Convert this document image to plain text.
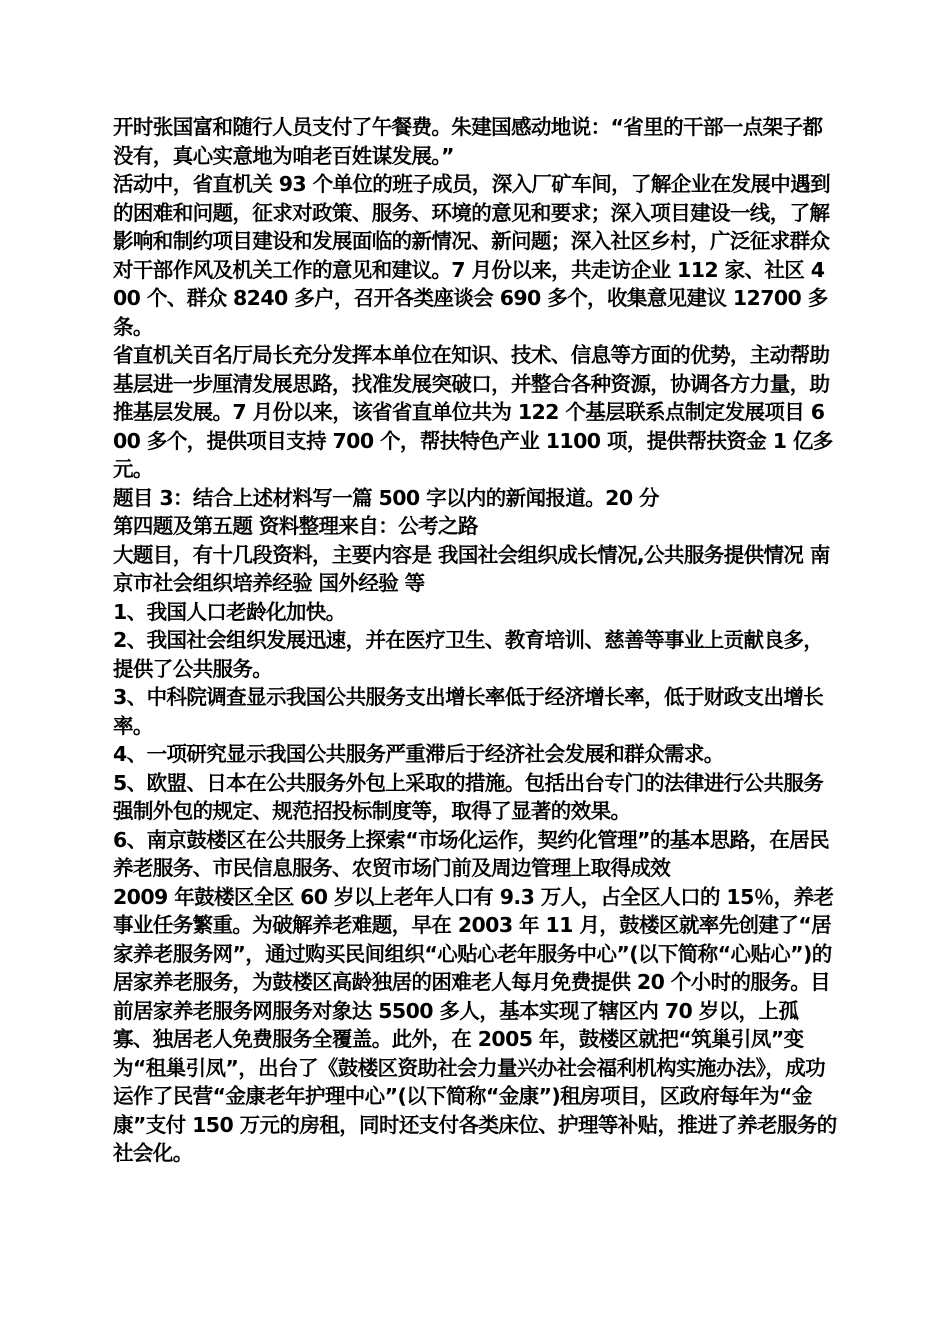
开时张国富和随行人员支付了午餐费。朱建国感动地说：“省里的干部一点架子都没有，真心实意地为咱老百姓谋发展。”

活动中，省直机关 93 个单位的班子成员，深入厂矿车间，了解企业在发展中遇到的困难和问题，征求对政策、服务、环境的意见和要求；深入项目建设一线，了解影响和制约项目建设和发展面临的新情况、新问题；深入社区乡村，广泛征求群众对干部作风及机关工作的意见和建议。7 月份以来，共走访企业 112 家、社区 400 个、群众 8240 多户，召开各类座谈会 690 多个，收集意见建议 12700 多条。

省直机关百名厅局长充分发挥本单位在知识、技术、信息等方面的优势，主动帮助基层进一步厘清发展思路，找准发展突破口，并整合各种资源，协调各方力量，助推基层发展。7 月份以来，该省省直单位共为 122 个基层联系点制定发展项目 600 多个，提供项目支持 700 个，帮扶特色产业 1100 项，提供帮扶资金 1 亿多元。

题目 3：结合上述材料写一篇 500 字以内的新闻报道。20 分

第四题及第五题 资料整理来自：公考之路

大题目，有十几段资料，主要内容是 我国社会组织成长情况,公共服务提供情况 南京市社会组织培养经验 国外经验 等

1、我国人口老龄化加快。

2、我国社会组织发展迅速，并在医疗卫生、教育培训、慈善等事业上贡献良多，提供了公共服务。

3、中科院调查显示我国公共服务支出增长率低于经济增长率，低于财政支出增长率。

4、一项研究显示我国公共服务严重滞后于经济社会发展和群众需求。

5、欧盟、日本在公共服务外包上采取的措施。包括出台专门的法律进行公共服务强制外包的规定、规范招投标制度等，取得了显著的效果。

6、南京鼓楼区在公共服务上探索“市场化运作，契约化管理”的基本思路，在居民养老服务、市民信息服务、农贸市场门前及周边管理上取得成效

2009 年鼓楼区全区 60 岁以上老年人口有 9.3 万人，占全区人口的 15％，养老事业任务繁重。为破解养老难题，早在 2003 年 11 月，鼓楼区就率先创建了“居家养老服务网”，通过购买民间组织“心贴心老年服务中心”(以下简称“心贴心”)的居家养老服务，为鼓楼区高龄独居的困难老人每月免费提供 20 个小时的服务。目前居家养老服务网服务对象达 5500 多人，基本实现了辖区内 70 岁以，上孤寡、独居老人免费服务全覆盖。此外，在 2005 年，鼓楼区就把“筑巢引凤”变为“租巢引凤”，出台了《鼓楼区资助社会力量兴办社会福利机构实施办法》，成功运作了民营“金康老年护理中心”(以下简称“金康”)租房项目，区政府每年为“金康”支付 150 万元的房租，同时还支付各类床位、护理等补贴，推进了养老服务的社会化。
